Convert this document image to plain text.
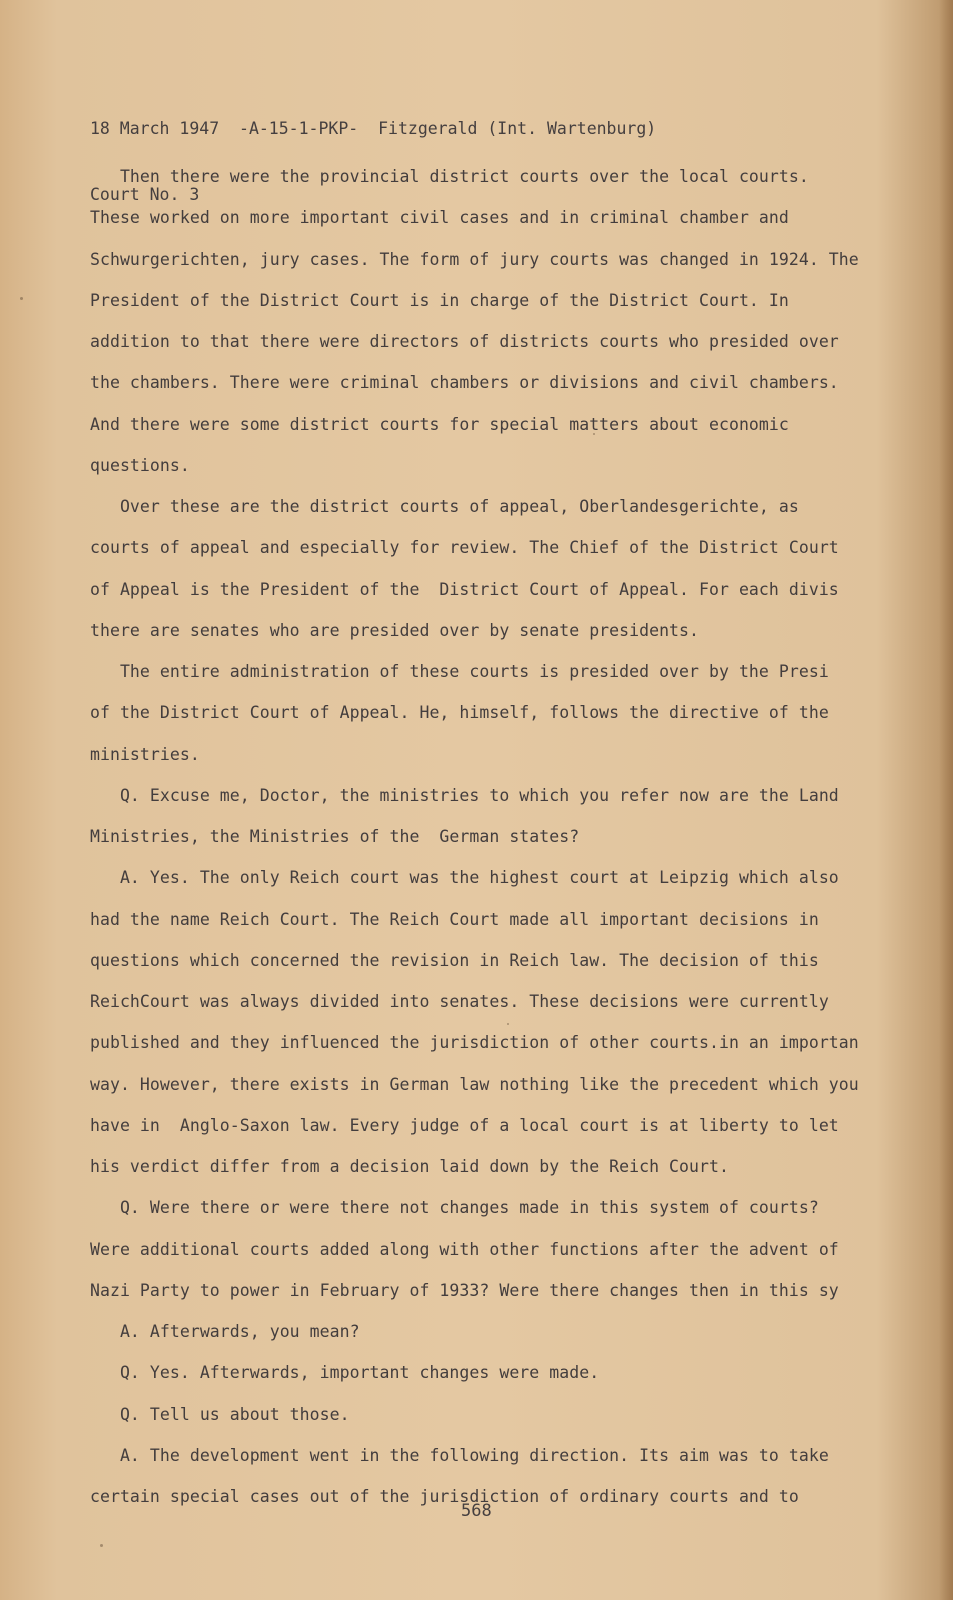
18 March 1947  -A-15-1-PKP-  Fitzgerald (Int. Wartenburg)

Court No. 3

Then there were the provincial district courts over the local courts.
These worked on more important civil cases and in criminal chamber and
Schwurgerichten, jury cases. The form of jury courts was changed in 1924. The
President of the District Court is in charge of the District Court. In
addition to that there were directors of districts courts who presided over
the chambers. There were criminal chambers or divisions and civil chambers.
And there were some district courts for special matters about economic
questions.
Over these are the district courts of appeal, Oberlandesgerichte, as
courts of appeal and especially for review. The Chief of the District Court
of Appeal is the President of the  District Court of Appeal. For each divis
there are senates who are presided over by senate presidents.
The entire administration of these courts is presided over by the Presi
of the District Court of Appeal. He, himself, follows the directive of the
ministries.
Q. Excuse me, Doctor, the ministries to which you refer now are the Land
Ministries, the Ministries of the  German states?
A. Yes. The only Reich court was the highest court at Leipzig which also
had the name Reich Court. The Reich Court made all important decisions in
questions which concerned the revision in Reich law. The decision of this
ReichCourt was always divided into senates. These decisions were currently
published and they influenced the jurisdiction of other courts.in an importan
way. However, there exists in German law nothing like the precedent which you
have in  Anglo-Saxon law. Every judge of a local court is at liberty to let
his verdict differ from a decision laid down by the Reich Court.
Q. Were there or were there not changes made in this system of courts?
Were additional courts added along with other functions after the advent of
Nazi Party to power in February of 1933? Were there changes then in this sy
A. Afterwards, you mean?
Q. Yes. Afterwards, important changes were made.
Q. Tell us about those.
A. The development went in the following direction. Its aim was to take
certain special cases out of the jurisdiction of ordinary courts and to
568
